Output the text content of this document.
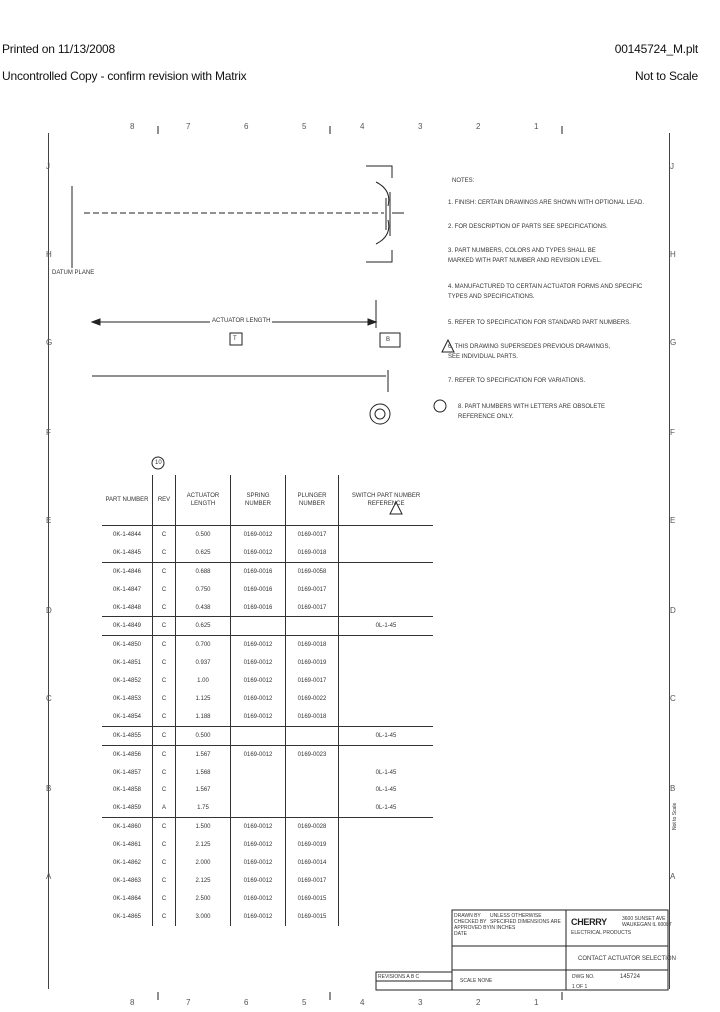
Printed on 11/13/2008	00145724_M.plt
Uncontrolled Copy - confirm revision with Matrix	Not to Scale
8	7	6	5	4	3	2	1
8	7	6	5	4	3	2	1
J
H
G
F
E
D
C
B
A
J
H
G
F
E
D
C
B
A
DATUM PLANE
ACTUATOR LENGTH
T	B
10
NOTES:
1. FINISH: CERTAIN DRAWINGS ARE SHOWN WITH OPTIONAL LEAD.
2. FOR DESCRIPTION OF PARTS SEE SPECIFICATIONS.
3. PART NUMBERS, COLORS AND TYPES SHALL BE
MARKED WITH PART NUMBER AND REVISION LEVEL.
4. MANUFACTURED TO CERTAIN ACTUATOR FORMS AND SPECIFIC
TYPES AND SPECIFICATIONS.
5. REFER TO SPECIFICATION FOR STANDARD PART NUMBERS.
6. THIS DRAWING SUPERSEDES PREVIOUS DRAWINGS,
SEE INDIVIDUAL PARTS.
7. REFER TO SPECIFICATION FOR VARIATIONS.
8. PART NUMBERS WITH LETTERS ARE OBSOLETE
REFERENCE ONLY.
PART NUMBER	REV	ACTUATOR LENGTH	SPRING NUMBER	PLUNGER NUMBER	SWITCH PART NUMBER REFERENCE
0K-1-4844	C	0.500	0169-0012	0169-0017	
0K-1-4845	C	0.625	0169-0012	0169-0018	
0K-1-4846	C	0.688	0169-0016	0169-0058	
0K-1-4847	C	0.750	0169-0016	0169-0017	
0K-1-4848	C	0.438	0169-0016	0169-0017	
0K-1-4849	C	0.625			0L-1-45
0K-1-4850	C	0.700	0169-0012	0169-0018	
0K-1-4851	C	0.937	0169-0012	0169-0019	
0K-1-4852	C	1.00	0169-0012	0169-0017	
0K-1-4853	C	1.125	0169-0012	0169-0022	
0K-1-4854	C	1.188	0169-0012	0169-0018	
0K-1-4855	C	0.500			0L-1-45
0K-1-4856	C	1.567	0169-0012	0169-0023	
0K-1-4857	C	1.568			0L-1-45
0K-1-4858	C	1.567			0L-1-45
0K-1-4859	A	1.75			0L-1-45
0K-1-4860	C	1.500	0169-0012	0169-0028	
0K-1-4861	C	2.125	0169-0012	0169-0019	
0K-1-4862	C	2.000	0169-0012	0169-0014	
0K-1-4863	C	2.125	0169-0012	0169-0017	
0K-1-4864	C	2.500	0169-0012	0169-0015	
0K-1-4865	C	3.000	0169-0012	0169-0015		DRAWN BY
CHECKED BY
APPROVED BY
DATE
UNLESS OTHERWISE SPECIFIED DIMENSIONS ARE IN INCHES
CHERRY
ELECTRICAL PRODUCTS
3600 SUNSET AVE
WAUKEGAN IL 60087
CONTACT ACTUATOR SELECTION
DWG NO.	145724
1 OF 1
SCALE NONE
REVISIONS A B C
Not to Scale
